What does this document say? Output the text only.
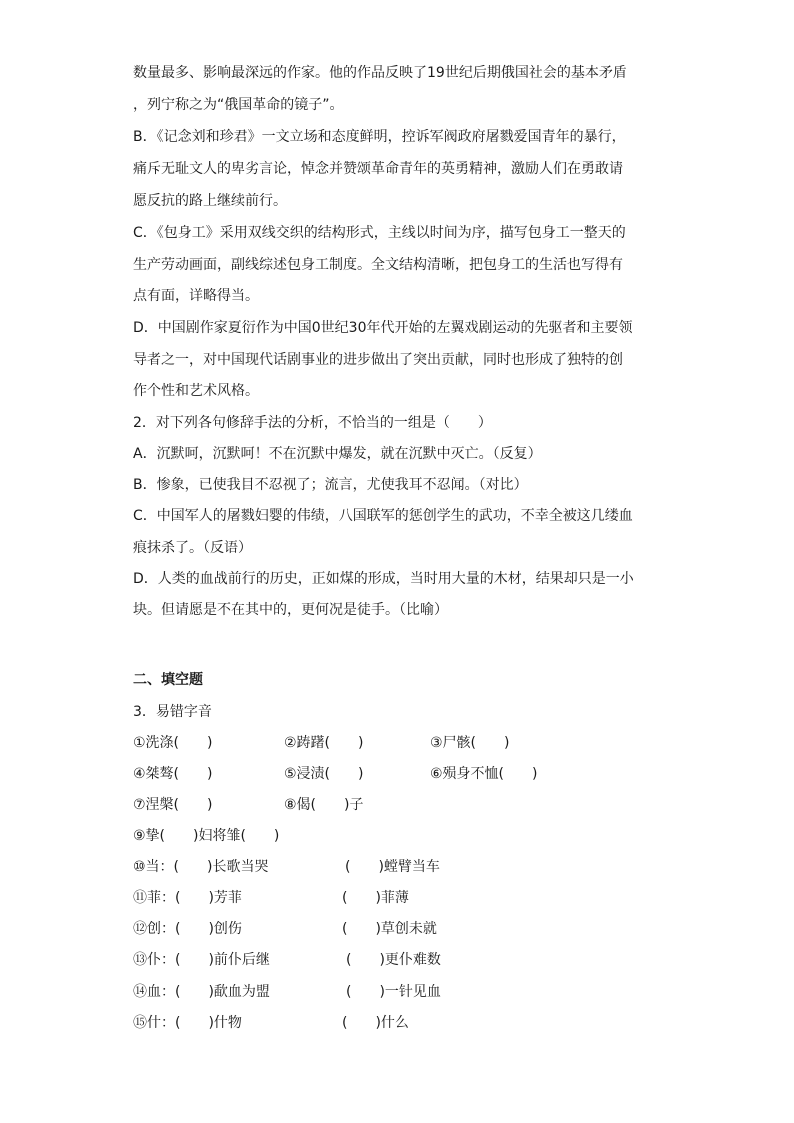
数量最多、影响最深远的作家。他的作品反映了19世纪后期俄国社会的基本矛盾
，列宁称之为“俄国革命的镜子”。
B．《记念刘和珍君》一文立场和态度鲜明，控诉军阀政府屠戮爱国青年的暴行，
痛斥无耻文人的卑劣言论，悼念并赞颂革命青年的英勇精神，激励人们在勇敢请
愿反抗的路上继续前行。
C．《包身工》采用双线交织的结构形式，主线以时间为序，描写包身工一整天的
生产劳动画面，副线综述包身工制度。全文结构清晰，把包身工的生活也写得有
点有面，详略得当。
D．中国剧作家夏衍作为中国0世纪30年代开始的左翼戏剧运动的先驱者和主要领
导者之一，对中国现代话剧事业的进步做出了突出贡献，同时也形成了独特的创
作个性和艺术风格。
2．对下列各句修辞手法的分析，不恰当的一组是（　　）
A．沉默呵，沉默呵！不在沉默中爆发，就在沉默中灭亡。（反复）
B．惨象，已使我目不忍视了；流言，尤使我耳不忍闻。（对比）
C．中国军人的屠戮妇婴的伟绩，八国联军的惩创学生的武功，不幸全被这几缕血
痕抹杀了。（反语）
D．人类的血战前行的历史，正如煤的形成，当时用大量的木材，结果却只是一小
块。但请愿是不在其中的，更何况是徒手。（比喻）
二、填空题
3．易错字音
①洗涤(　　)	②踌躇(　　)	③尸骸(　　)
④桀骜(　　)	⑤浸渍(　　)	⑥殒身不恤(　　)
⑦涅槃(　　)	⑧偈(　　)子
⑨挚(　　)妇将雏(　　)
⑩当：(　　)长歌当哭	(　　)螳臂当车
⑪菲：(　　)芳菲	(　　)菲薄
⑫创：(　　)创伤	(　　)草创未就
⑬仆：(　　)前仆后继	(　　)更仆难数
⑭血：(　　)歃血为盟	(　　)一针见血
⑮什：(　　)什物	(　　)什么
